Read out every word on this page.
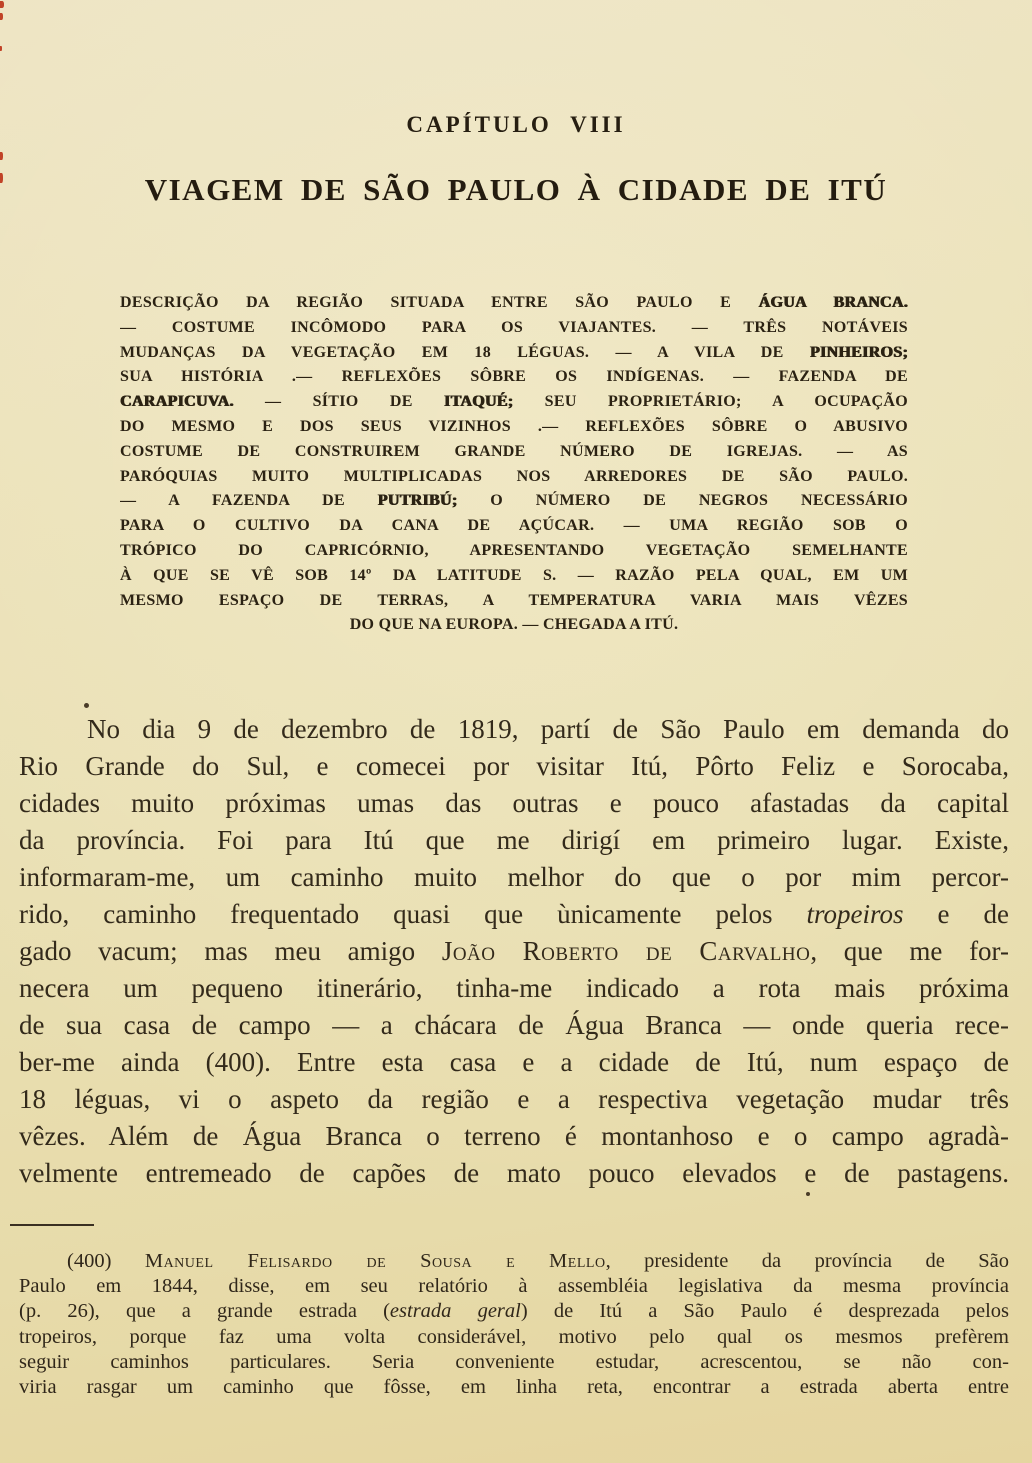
CAPÍTULO VIII
VIAGEM DE SÃO PAULO À CIDADE DE ITÚ
DESCRIÇÃO DA REGIÃO SITUADA ENTRE SÃO PAULO E ÁGUA BRANCA.
— COSTUME INCÔMODO PARA OS VIAJANTES. — TRÊS NOTÁVEIS
MUDANÇAS DA VEGETAÇÃO EM 18 LÉGUAS. — A VILA DE PINHEIROS;
SUA HISTÓRIA .— REFLEXÕES SÔBRE OS INDÍGENAS. — FAZENDA DE
CARAPICUVA. — SÍTIO DE ITAQUÉ; SEU PROPRIETÁRIO; A OCUPAÇÃO
DO MESMO E DOS SEUS VIZINHOS .— REFLEXÕES SÔBRE O ABUSIVO
COSTUME DE CONSTRUIREM GRANDE NÚMERO DE IGREJAS. — AS
PARÓQUIAS MUITO MULTIPLICADAS NOS ARREDORES DE SÃO PAULO.
— A FAZENDA DE PUTRIBÚ; O NÚMERO DE NEGROS NECESSÁRIO
PARA O CULTIVO DA CANA DE AÇÚCAR. — UMA REGIÃO SOB O
TRÓPICO DO CAPRICÓRNIO, APRESENTANDO VEGETAÇÃO SEMELHANTE
À QUE SE VÊ SOB 14º DA LATITUDE S. — RAZÃO PELA QUAL, EM UM
MESMO ESPAÇO DE TERRAS, A TEMPERATURA VARIA MAIS VÊZES
DO QUE NA EUROPA. — CHEGADA A ITÚ.
No dia 9 de dezembro de 1819, partí de São Paulo em demanda do
Rio Grande do Sul, e comecei por visitar Itú, Pôrto Feliz e Sorocaba,
cidades muito próximas umas das outras e pouco afastadas da capital
da província. Foi para Itú que me dirigí em primeiro lugar. Existe,
informaram-me, um caminho muito melhor do que o por mim percor-
rido, caminho frequentado quasi que ùnicamente pelos tropeiros e de
gado vacum; mas meu amigo João Roberto de Carvalho, que me for-
necera um pequeno itinerário, tinha-me indicado a rota mais próxima
de sua casa de campo — a chácara de Água Branca — onde queria rece-
ber-me ainda (400). Entre esta casa e a cidade de Itú, num espaço de
18 léguas, vi o aspeto da região e a respectiva vegetação mudar três
vêzes. Além de Água Branca o terreno é montanhoso e o campo agradà-
velmente entremeado de capões de mato pouco elevados e de pastagens.
(400) Manuel Felisardo de Sousa e Mello, presidente da província de São
Paulo em 1844, disse, em seu relatório à assembléia legislativa da mesma província
(p. 26), que a grande estrada (estrada geral) de Itú a São Paulo é desprezada pelos
tropeiros, porque faz uma volta considerável, motivo pelo qual os mesmos prefèrem
seguir caminhos particulares. Seria conveniente estudar, acrescentou, se não con-
viria rasgar um caminho que fôsse, em linha reta, encontrar a estrada aberta entre
